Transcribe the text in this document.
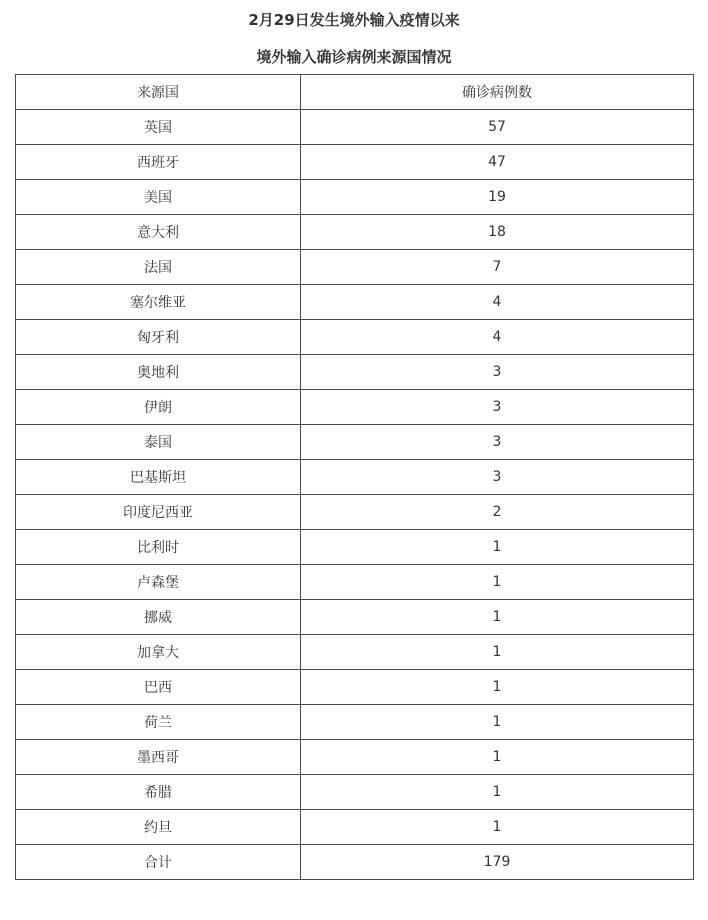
2月29日发生境外输入疫情以来
境外输入确诊病例来源国情况
来源国	确诊病例数
英国	57
西班牙	47
美国	19
意大利	18
法国	7
塞尔维亚	4
匈牙利	4
奥地利	3
伊朗	3
泰国	3
巴基斯坦	3
印度尼西亚	2
比利时	1
卢森堡	1
挪威	1
加拿大	1
巴西	1
荷兰	1
墨西哥	1
希腊	1
约旦	1
合计	179
